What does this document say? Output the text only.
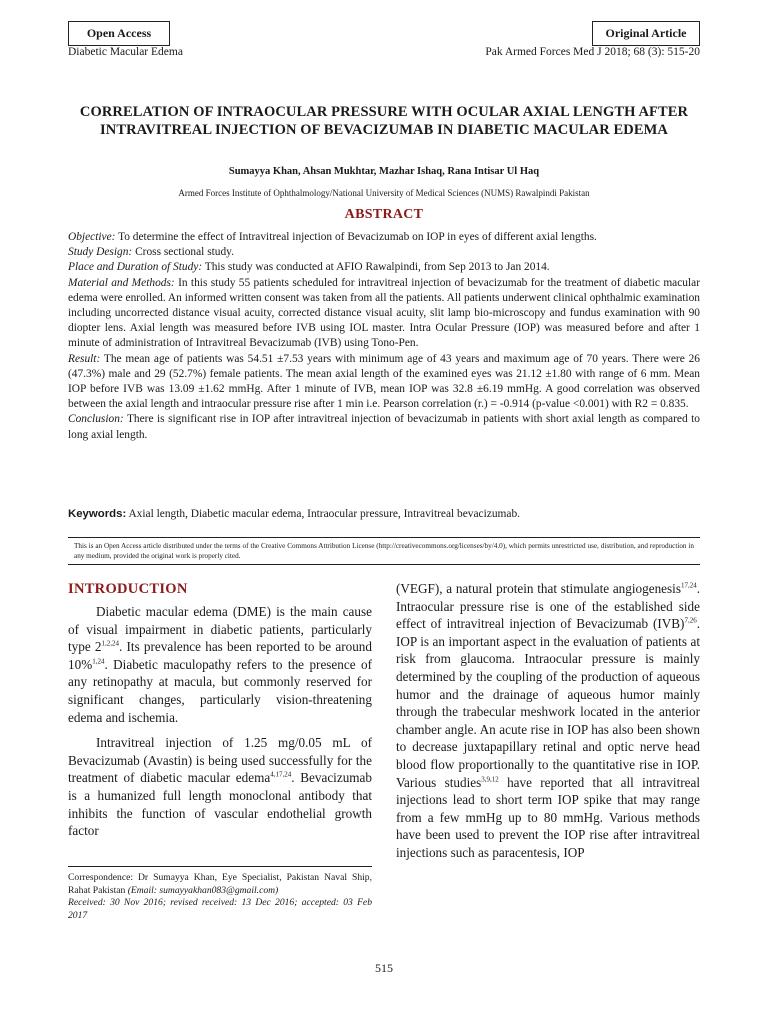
Open Access	Original Article
Diabetic Macular Edema	Pak Armed Forces Med J 2018; 68 (3): 515-20
CORRELATION OF INTRAOCULAR PRESSURE WITH OCULAR AXIAL LENGTH AFTER INTRAVITREAL INJECTION OF BEVACIZUMAB IN DIABETIC MACULAR EDEMA
Sumayya Khan, Ahsan Mukhtar, Mazhar Ishaq, Rana Intisar Ul Haq
Armed Forces Institute of Ophthalmology/National University of Medical Sciences (NUMS) Rawalpindi Pakistan
ABSTRACT

Objective: To determine the effect of Intravitreal injection of Bevacizumab on IOP in eyes of different axial lengths.

Study Design: Cross sectional study.

Place and Duration of Study: This study was conducted at AFIO Rawalpindi, from Sep 2013 to Jan 2014.

Material and Methods: In this study 55 patients scheduled for intravitreal injection of bevacizumab for the treatment of diabetic macular edema were enrolled. An informed written consent was taken from all the patients. All patients underwent clinical ophthalmic examination including uncorrected distance visual acuity, corrected distance visual acuity, slit lamp bio-microscopy and fundus examination with 90 diopter lens. Axial length was measured before IVB using IOL master. Intra Ocular Pressure (IOP) was measured before and after 1 minute of administration of Intravitreal Bevacizumab (IVB) using Tono-Pen.

Result: The mean age of patients was 54.51 ±7.53 years with minimum age of 43 years and maximum age of 70 years. There were 26 (47.3%) male and 29 (52.7%) female patients. The mean axial length of the examined eyes was 21.12 ±1.80 with range of 6 mm. Mean IOP before IVB was 13.09 ±1.62 mmHg. After 1 minute of IVB, mean IOP was 32.8 ±6.19 mmHg. A good correlation was observed between the axial length and intraocular pressure rise after 1 min i.e. Pearson correlation (r.) = -0.914 (p-value <0.001) with R2 = 0.835.

Conclusion: There is significant rise in IOP after intravitreal injection of bevacizumab in patients with short axial length as compared to long axial length.

Keywords: Axial length, Diabetic macular edema, Intraocular pressure, Intravitreal bevacizumab.
This is an Open Access article distributed under the terms of the Creative Commons Attribution License (http://creativecommons.org/licenses/by/4.0), which permits unrestricted use, distribution, and reproduction in any medium, provided the original work is properly cited.
INTRODUCTION

Diabetic macular edema (DME) is the main cause of visual impairment in diabetic patients, particularly type 2$^{1,2,24}$. Its prevalence has been reported to be around 10%$^{1,24}$. Diabetic maculopathy refers to the presence of any retinopathy at macula, but commonly reserved for significant changes, particularly vision-threatening edema and ischemia.

Intravitreal injection of 1.25 mg/0.05 mL of Bevacizumab (Avastin) is being used successfully for the treatment of diabetic macular edema$^{4,17,24}$. Bevacizumab is a humanized full length monoclonal antibody that inhibits the function of vascular endothelial growth factor

(VEGF), a natural protein that stimulate angiogenesis$^{17,24}$. Intraocular pressure rise is one of the established side effect of intravitreal injection of Bevacizumab (IVB)$^{7,26}$. IOP is an important aspect in the evaluation of patients at risk from glaucoma. Intraocular pressure is mainly determined by the coupling of the production of aqueous humor and the drainage of aqueous humor mainly through the trabecular meshwork located in the anterior chamber angle. An acute rise in IOP has also been shown to decrease juxtapapillary retinal and optic nerve head blood flow proportionally to the quantitative rise in IOP. Various studies$^{3,9,12}$ have reported that all intravitreal injections lead to short term IOP spike that may range from a few mmHg up to 80 mmHg. Various methods have been used to prevent the IOP rise after intravitreal injections such as paracentesis, IOP

Correspondence: Dr Sumayya Khan, Eye Specialist, Pakistan Naval Ship, Rahat Pakistan (Email: sumayyakhan083@gmail.com)
Received: 30 Nov 2016; revised received: 13 Dec 2016; accepted: 03 Feb 2017
515
